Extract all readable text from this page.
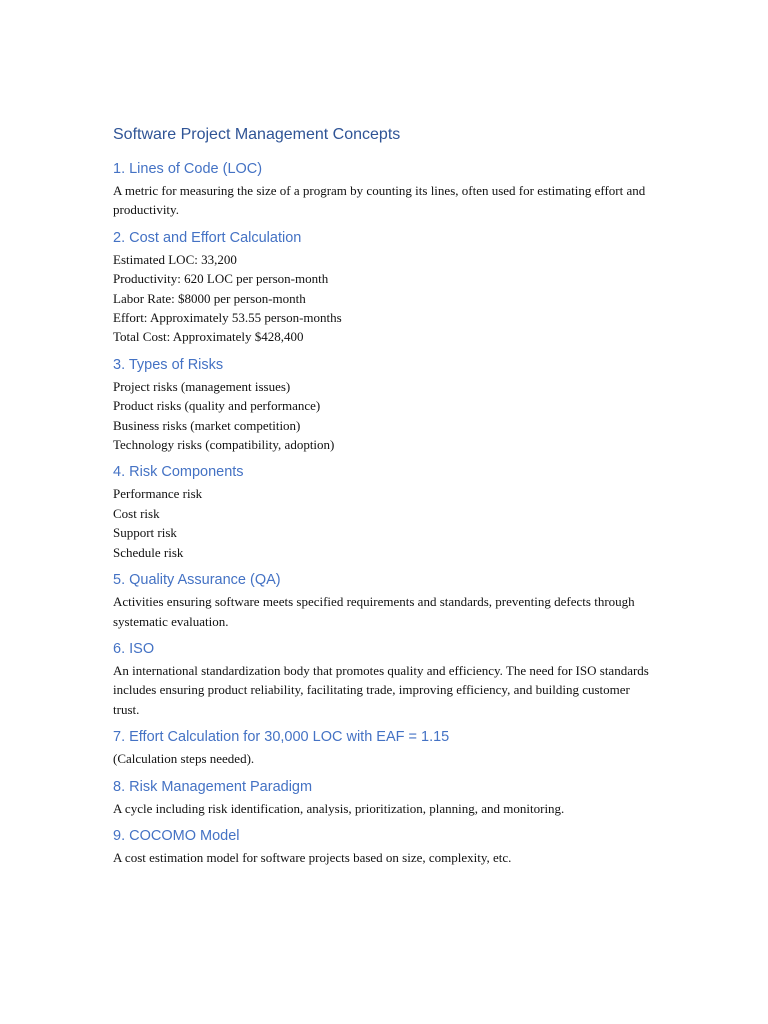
Software Project Management Concepts
1. Lines of Code (LOC)

A metric for measuring the size of a program by counting its lines, often used for estimating effort and productivity.

2. Cost and Effort Calculation
Estimated LOC: 33,200
Productivity: 620 LOC per person-month
Labor Rate: $8000 per person-month
Effort: Approximately 53.55 person-months
Total Cost: Approximately $428,400
3. Types of Risks
Project risks (management issues)
Product risks (quality and performance)
Business risks (market competition)
Technology risks (compatibility, adoption)
4. Risk Components
Performance risk
Cost risk
Support risk
Schedule risk
5. Quality Assurance (QA)

Activities ensuring software meets specified requirements and standards, preventing defects through systematic evaluation.

6. ISO

An international standardization body that promotes quality and efficiency. The need for ISO standards includes ensuring product reliability, facilitating trade, improving efficiency, and building customer trust.

7. Effort Calculation for 30,000 LOC with EAF = 1.15

(Calculation steps needed).

8. Risk Management Paradigm

A cycle including risk identification, analysis, prioritization, planning, and monitoring.

9. COCOMO Model

A cost estimation model for software projects based on size, complexity, etc.
